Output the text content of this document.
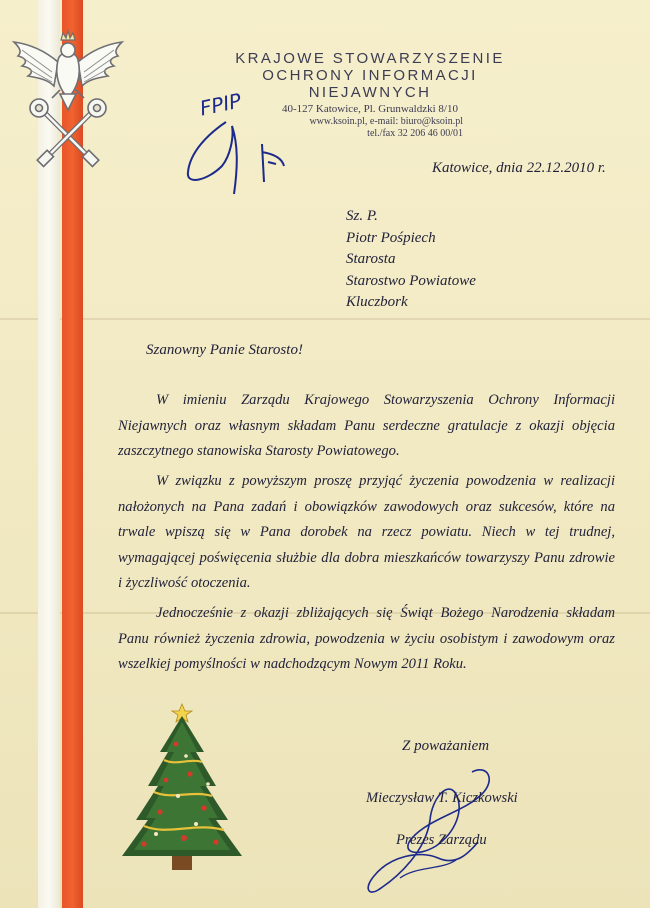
KRAJOWE STOWARZYSZENIE
OCHRONY INFORMACJI NIEJAWNYCH
40-127 Katowice, Pl. Grunwaldzki 8/10
www.ksoin.pl, e-mail: biuro@ksoin.pl
tel./fax 32 206 46 00/01
FPIP
Katowice, dnia 22.12.2010 r.
Sz. P.
Piotr Pośpiech
Starosta
Starostwo Powiatowe
Kluczbork
Szanowny Panie Starosto!

W imieniu Zarządu Krajowego Stowarzyszenia Ochrony Informacji Niejawnych oraz własnym składam Panu serdeczne gratulacje z okazji objęcia zaszczytnego stanowiska Starosty Powiatowego.

W związku z powyższym proszę przyjąć życzenia powodzenia w realizacji nałożonych na Pana zadań i obowiązków zawodowych oraz sukcesów, które na trwale wpiszą się w Pana dorobek na rzecz powiatu. Niech w tej trudnej, wymagającej poświęcenia służbie dla dobra mieszkańców towarzyszy Panu zdrowie i życzliwość otoczenia.

Jednocześnie z okazji zbliżających się Świąt Bożego Narodzenia składam Panu również życzenia zdrowia, powodzenia w życiu osobistym i zawodowym oraz wszelkiej pomyślności w nadchodzącym Nowym 2011 Roku.

Z poważaniem
Mieczysław T. Kiczkowski
Prezes Zarządu
